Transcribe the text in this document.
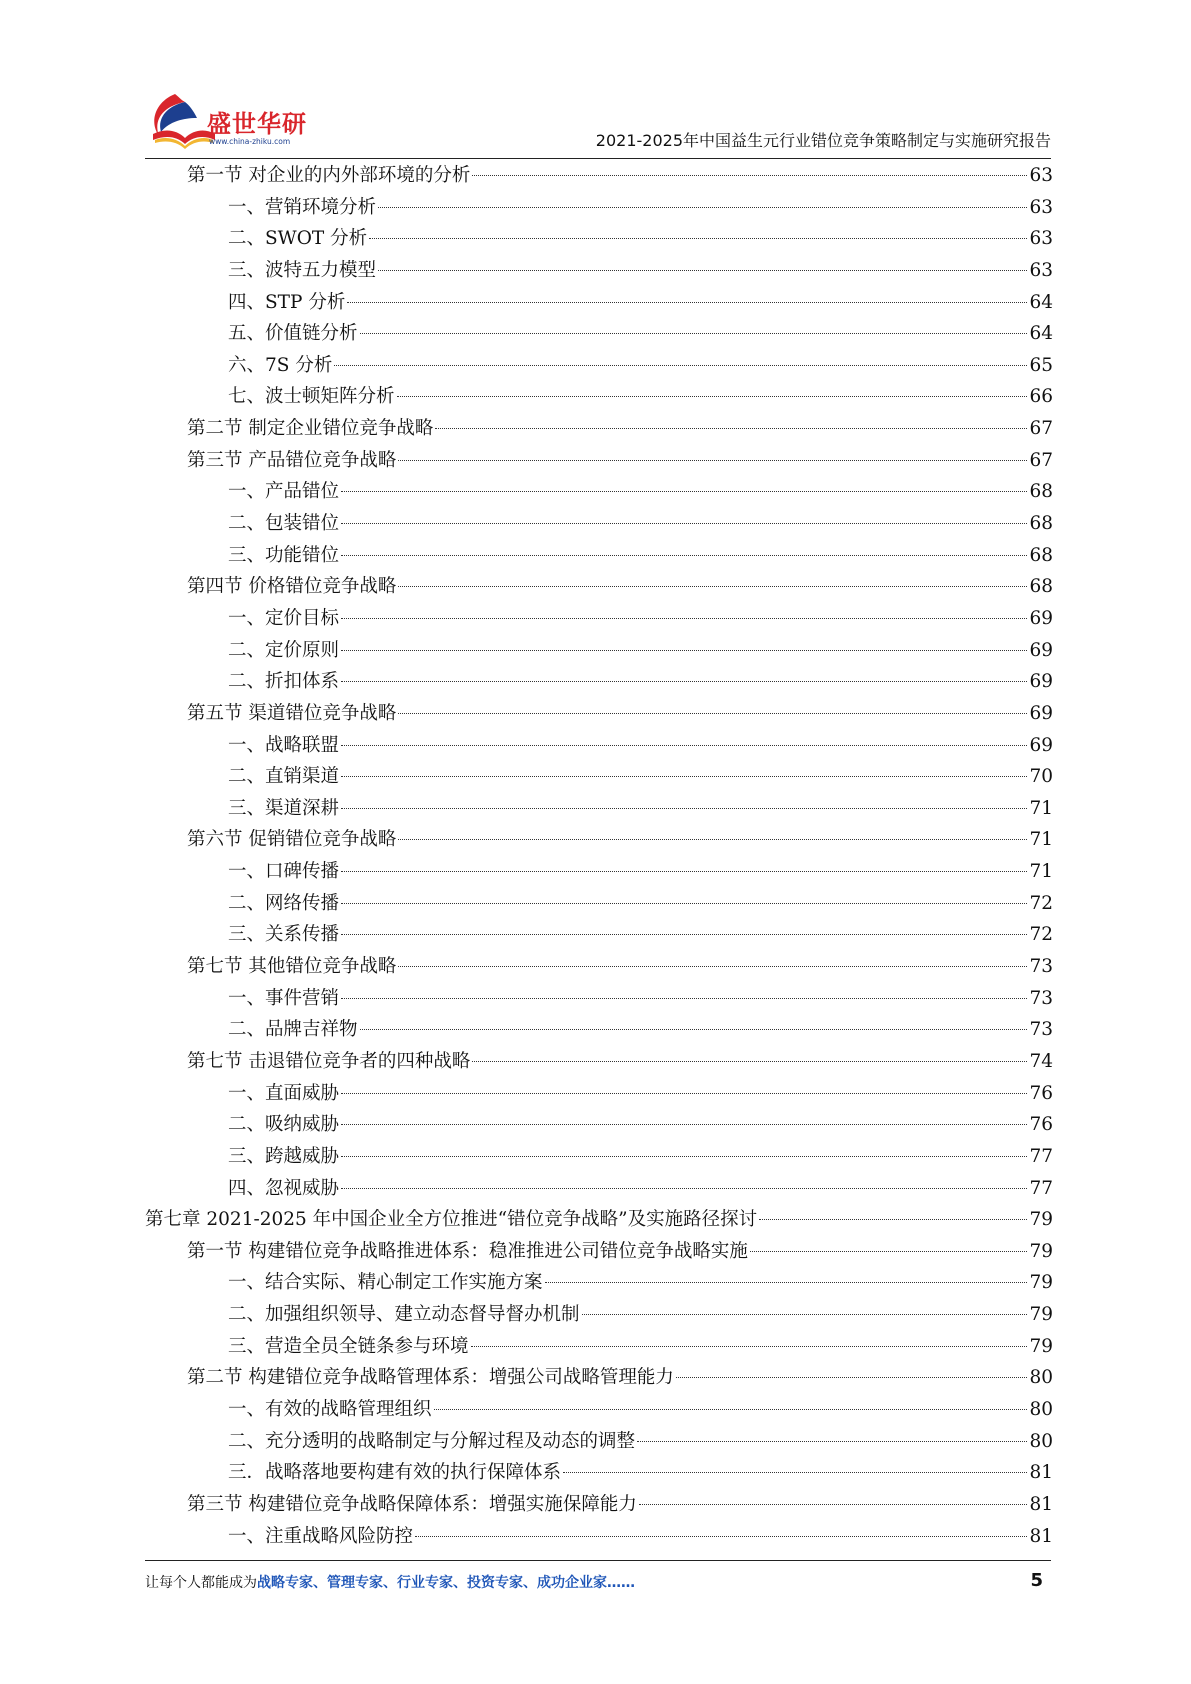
盛世华研
www.china-zhiku.com	2021-2025年中国益生元行业错位竞争策略制定与实施研究报告
第一节 对企业的内外部环境的分析	63
一、营销环境分析	63
二、SWOT 分析	63
三、波特五力模型	63
四、STP 分析	64
五、价值链分析	64
六、7S 分析	65
七、波士顿矩阵分析	66
第二节 制定企业错位竞争战略	67
第三节 产品错位竞争战略	67
一、产品错位	68
二、包装错位	68
三、功能错位	68
第四节 价格错位竞争战略	68
一、定价目标	69
二、定价原则	69
二、折扣体系	69
第五节 渠道错位竞争战略	69
一、战略联盟	69
二、直销渠道	70
三、渠道深耕	71
第六节 促销错位竞争战略	71
一、口碑传播	71
二、网络传播	72
三、关系传播	72
第七节 其他错位竞争战略	73
一、事件营销	73
二、品牌吉祥物	73
第七节 击退错位竞争者的四种战略	74
一、直面威胁	76
二、吸纳威胁	76
三、跨越威胁	77
四、忽视威胁	77
第七章 2021-2025 年中国企业全方位推进“错位竞争战略”及实施路径探讨	79
第一节 构建错位竞争战略推进体系：稳准推进公司错位竞争战略实施	79
一、结合实际、精心制定工作实施方案	79
二、加强组织领导、建立动态督导督办机制	79
三、营造全员全链条参与环境	79
第二节 构建错位竞争战略管理体系：增强公司战略管理能力	80
一、有效的战略管理组织	80
二、充分透明的战略制定与分解过程及动态的调整	80
三．战略落地要构建有效的执行保障体系	81
第三节 构建错位竞争战略保障体系：增强实施保障能力	81
一、注重战略风险防控	81
让每个人都能成为战略专家、管理专家、行业专家、投资专家、成功企业家……	5
